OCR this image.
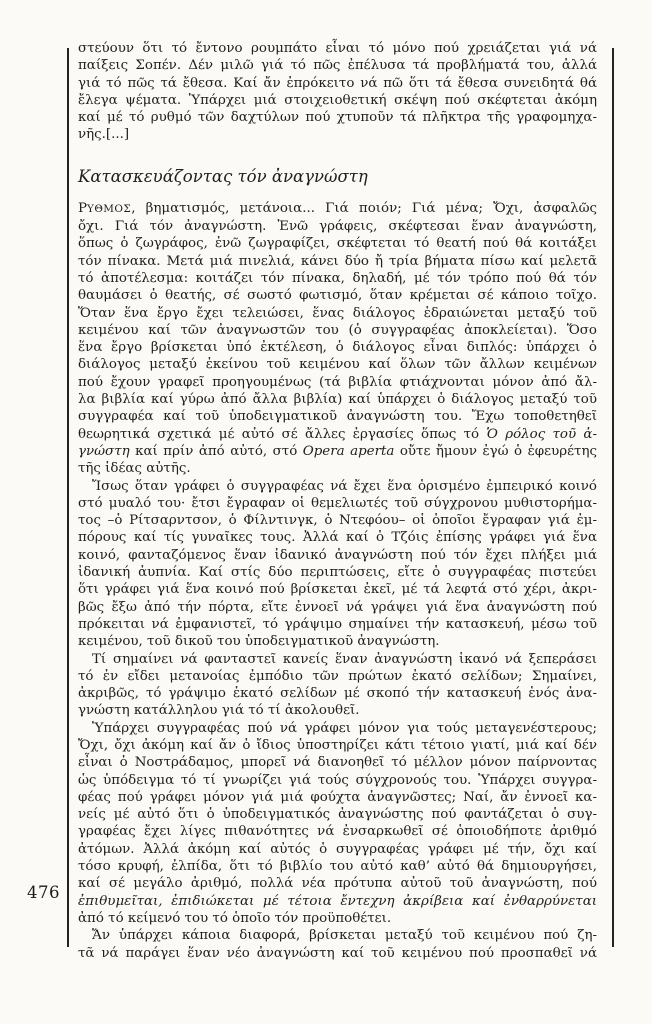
476
στεύουν ὅτι τό ἔντονο ρουμπάτο εἶναι τό μόνο πού χρειάζεται γιά νά
παίξεις Σοπέν. Δέν μιλῶ γιά τό πῶς ἐπέλυσα τά προβλήματά του, ἀλλά
γιά τό πῶς τά ἔθεσα. Καί ἄν ἐπρόκειτο νά πῶ ὅτι τά ἔθεσα συνειδητά θά
ἔλεγα ψέματα. Ὑπάρχει μιά στοιχειοθετική σκέψη πού σκέφτεται ἀκόμη
καί μέ τό ρυθμό τῶν δαχτύλων πού χτυποῦν τά πλῆκτρα τῆς γραφομηχα-
νῆς.[...]
Κατασκευάζοντας τόν ἀναγνώστη
ΡΥΘΜΟΣ, βηματισμός, μετάνοια... Γιά ποιόν; Γιά μένα; Ὄχι, ἀσφαλῶς
ὄχι. Γιά τόν ἀναγνώστη. Ἐνῶ γράφεις, σκέφτεσαι ἕναν ἀναγνώστη,
ὅπως ὁ ζωγράφος, ἐνῶ ζωγραφίζει, σκέφτεται τό θεατή πού θά κοιτάξει
τόν πίνακα. Μετά μιά πινελιά, κάνει δύο ἤ τρία βήματα πίσω καί μελετᾶ
τό ἀποτέλεσμα: κοιτάζει τόν πίνακα, δηλαδή, μέ τόν τρόπο πού θά τόν
θαυμάσει ὁ θεατής, σέ σωστό φωτισμό, ὅταν κρέμεται σέ κάποιο τοῖχο.
Ὅταν ἕνα ἔργο ἔχει τελειώσει, ἕνας διάλογος ἑδραιώνεται μεταξύ τοῦ
κειμένου καί τῶν ἀναγνωστῶν του (ὁ συγγραφέας ἀποκλείεται). Ὅσο
ἕνα ἔργο βρίσκεται ὑπό ἐκτέλεση, ὁ διάλογος εἶναι διπλός: ὑπάρχει ὁ
διάλογος μεταξύ ἐκείνου τοῦ κειμένου καί ὅλων τῶν ἄλλων κειμένων
πού ἔχουν γραφεῖ προηγουμένως (τά βιβλία φτιάχνονται μόνον ἀπό ἄλ-
λα βιβλία καί γύρω ἀπό ἄλλα βιβλία) καί ὑπάρχει ὁ διάλογος μεταξύ τοῦ
συγγραφέα καί τοῦ ὑποδειγματικοῦ ἀναγνώστη του. Ἔχω τοποθετηθεῖ
θεωρητικά σχετικά μέ αὐτό σέ ἄλλες ἐργασίες ὅπως τό Ὁ ρόλος τοῦ ἀ-
γνώστη καί πρίν ἀπό αὐτό, στό Opera aperta οὔτε ἤμουν ἐγώ ὁ ἐφευρέτης
τῆς ἰδέας αὐτῆς.
Ἴσως ὅταν γράφει ὁ συγγραφέας νά ἔχει ἕνα ὁρισμένο ἐμπειρικό κοινό
στό μυαλό του· ἔτσι ἔγραφαν οἱ θεμελιωτές τοῦ σύγχρονου μυθιστορήμα-
τος –ὁ Ρίτσαρντσον, ὁ Φίλντινγκ, ὁ Ντεφόου– οἱ ὁποῖοι ἔγραφαν γιά ἐμ-
πόρους καί τίς γυναῖκες τους. Ἀλλά καί ὁ Τζόις ἐπίσης γράφει γιά ἕνα
κοινό, φανταζόμενος ἕναν ἰδανικό ἀναγνώστη πού τόν ἔχει πλήξει μιά
ἰδανική ἀυπνία. Καί στίς δύο περιπτώσεις, εἴτε ὁ συγγραφέας πιστεύει
ὅτι γράφει γιά ἕνα κοινό πού βρίσκεται ἐκεῖ, μέ τά λεφτά στό χέρι, ἀκρι-
βῶς ἔξω ἀπό τήν πόρτα, εἴτε ἐννοεῖ νά γράψει γιά ἕνα ἀναγνώστη πού
πρόκειται νά ἐμφανιστεῖ, τό γράψιμο σημαίνει τήν κατασκευή, μέσω τοῦ
κειμένου, τοῦ δικοῦ του ὑποδειγματικοῦ ἀναγνώστη.
Τί σημαίνει νά φανταστεῖ κανείς ἕναν ἀναγνώστη ἱκανό νά ξεπεράσει
τό ἐν εἴδει μετανοίας ἐμπόδιο τῶν πρώτων ἑκατό σελίδων; Σημαίνει,
ἀκριβῶς, τό γράψιμο ἑκατό σελίδων μέ σκοπό τήν κατασκευή ἑνός ἀνα-
γνώστη κατάλληλου γιά τό τί ἀκολουθεῖ.
Ὑπάρχει συγγραφέας πού νά γράφει μόνον για τούς μεταγενέστερους;
Ὄχι, ὄχι ἀκόμη καί ἄν ὁ ἴδιος ὑποστηρίζει κάτι τέτοιο γιατί, μιά καί δέν
εἶναι ὁ Νοστράδαμος, μπορεῖ νά διανοηθεῖ τό μέλλον μόνον παίρνοντας
ὡς ὑπόδειγμα τό τί γνωρίζει γιά τούς σύγχρονούς του. Ὑπάρχει συγγρα-
φέας πού γράφει μόνον γιά μιά φούχτα ἀναγνῶστες; Ναί, ἄν ἐννοεῖ κα-
νείς μέ αὐτό ὅτι ὁ ὑποδειγματικός ἀναγνώστης πού φαντάζεται ὁ συγ-
γραφέας ἔχει λίγες πιθανότητες νά ἐνσαρκωθεῖ σέ ὁποιοδήποτε ἀριθμό
ἀτόμων. Ἀλλά ἀκόμη καί αὐτός ὁ συγγραφέας γράφει μέ τήν, ὄχι καί
τόσο κρυφή, ἐλπίδα, ὅτι τό βιβλίο του αὐτό καθ’ αὐτό θά δημιουργήσει,
καί σέ μεγάλο ἀριθμό, πολλά νέα πρότυπα αὐτοῦ τοῦ ἀναγνώστη, πού
ἐπιθυμεῖται, ἐπιδιώκεται μέ τέτοια ἔντεχνη ἀκρίβεια καί ἐνθαρρύνεται
ἀπό τό κείμενό του τό ὁποῖο τόν προϋποθέτει.
Ἄν ὑπάρχει κάποια διαφορά, βρίσκεται μεταξύ τοῦ κειμένου πού ζη-
τᾶ νά παράγει ἕναν νέο ἀναγνώστη καί τοῦ κειμένου πού προσπαθεῖ νά
